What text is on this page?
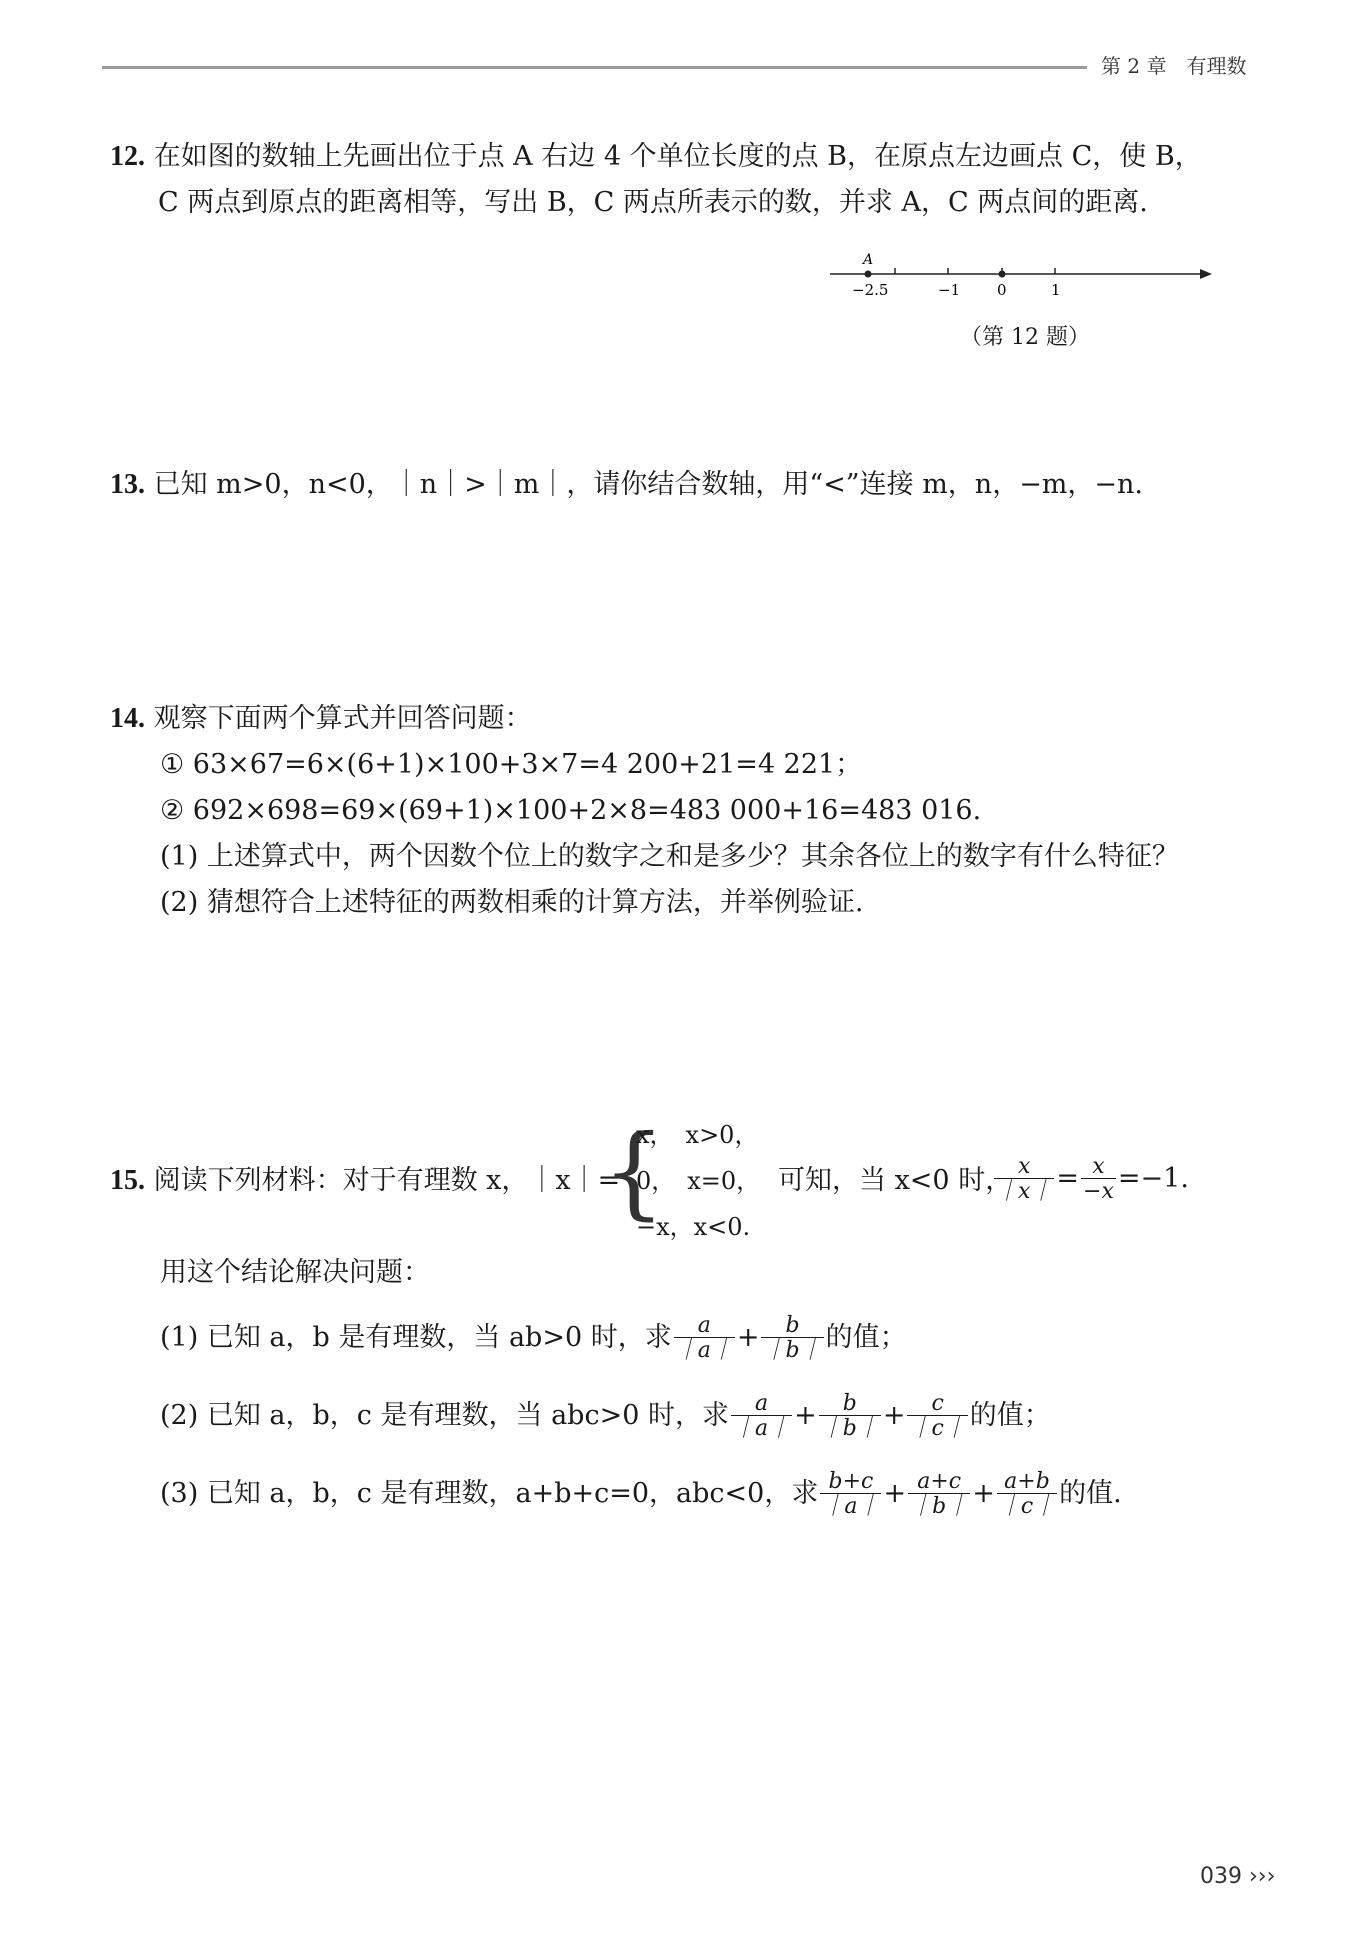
第 2 章　有理数
12. 在如图的数轴上先画出位于点 A 右边 4 个单位长度的点 B，在原点左边画点 C，使 B，
C 两点到原点的距离相等，写出 B，C 两点所表示的数，并求 A，C 两点间的距离.
A
−2.5	−1 0	1
（第 12 题）
13. 已知 m>0，n<0，｜n｜>｜m｜，请你结合数轴，用“<”连接 m，n，−m，−n.
14. 观察下面两个算式并回答问题：
① 63×67=6×(6+1)×100+3×7=4 200+21=4 221；
② 692×698=69×(69+1)×100+2×8=483 000+16=483 016.
(1) 上述算式中，两个因数个位上的数字之和是多少？其余各位上的数字有什么特征？
(2) 猜想符合上述特征的两数相乘的计算方法，并举例验证.
15. 阅读下列材料：对于有理数 x，｜x｜=
{
x，　x>0，
0，　x=0，
−x，x<0.
可知，当 x<0 时，
$\frac{x}{|x|} = \frac{x}{-x} =-1$.
用这个结论解决问题：
(1) 已知 a，b 是有理数，当 ab>0 时，求 $\frac{a}{|a|} + \frac{b}{|b|}$ 的值；
(2) 已知 a，b，c 是有理数，当 abc>0 时，求 $\frac{a}{|a|} + \frac{b}{|b|} + \frac{c}{|c|}$ 的值；
(3) 已知 a，b，c 是有理数，a+b+c=0，abc<0，求 $\frac{b+c}{|a|} + \frac{a+c}{|b|} + \frac{a+b}{|c|}$ 的值.
039 ›››
